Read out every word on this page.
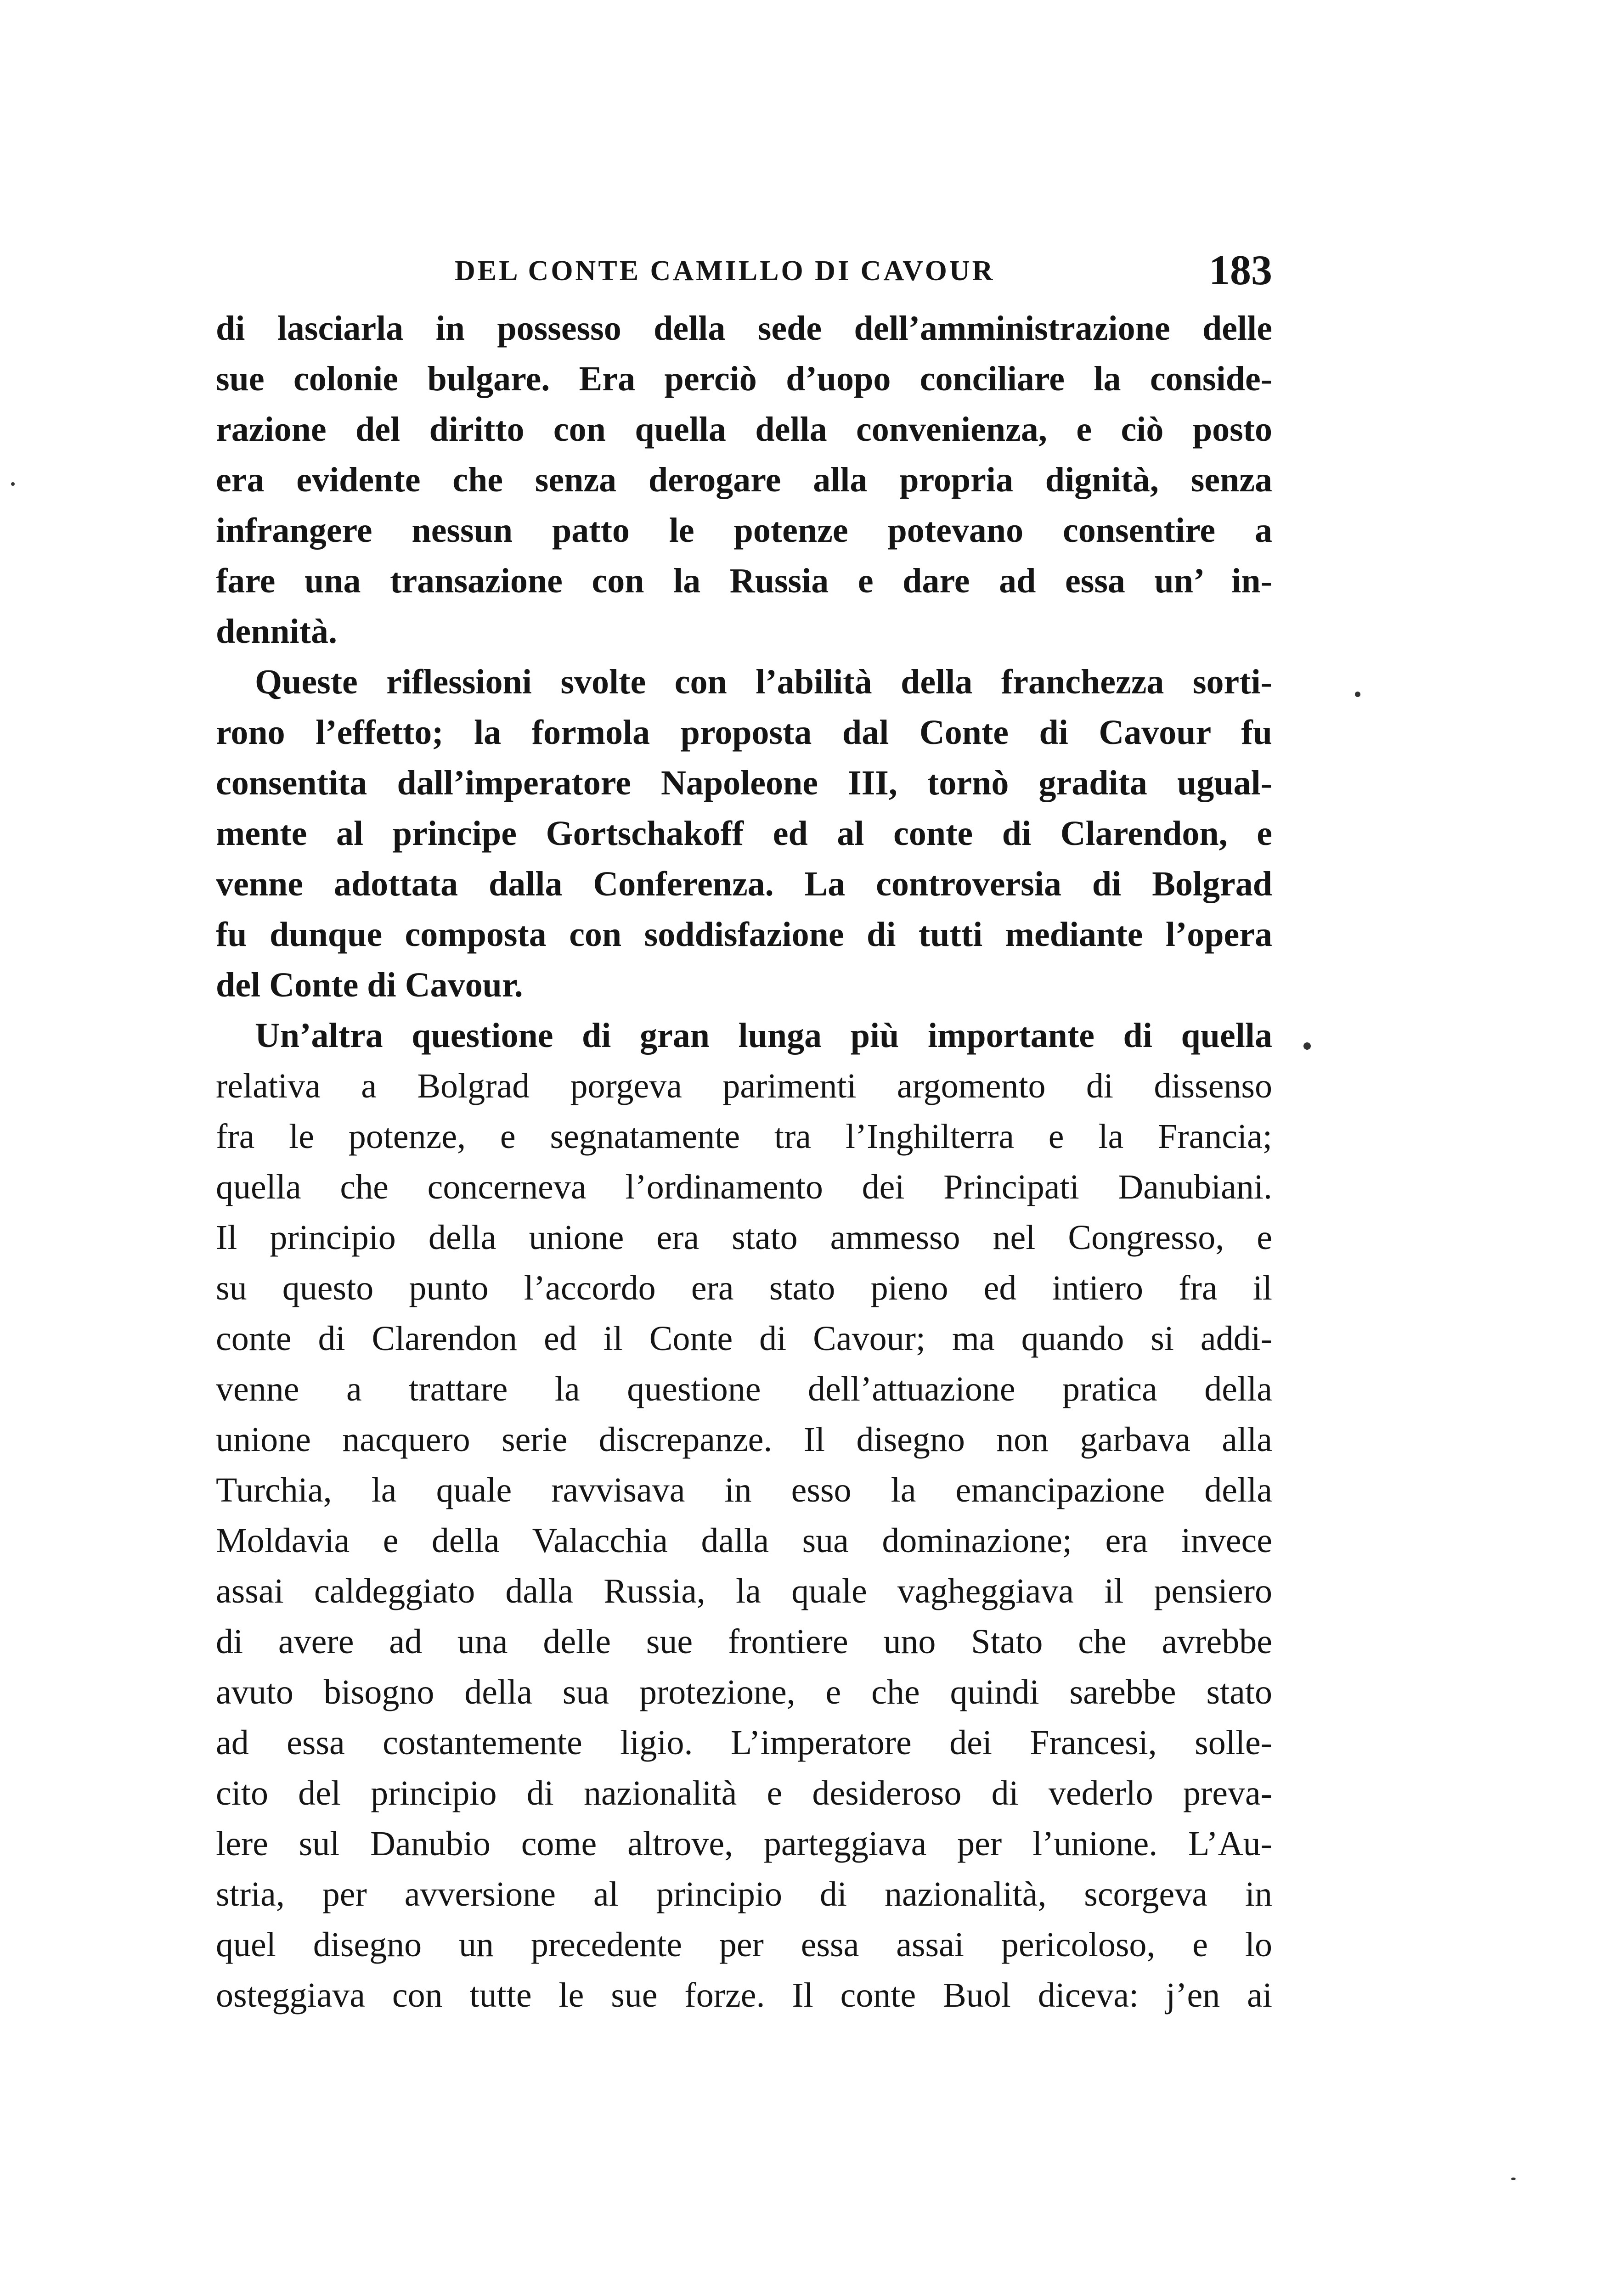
DEL CONTE CAMILLO DI CAVOUR	183
di lasciarla in possesso della sede dell’amministrazione delle
sue colonie bulgare. Era perciò d’uopo conciliare la conside-
razione del diritto con quella della convenienza, e ciò posto
era evidente che senza derogare alla propria dignità, senza
infrangere nessun patto le potenze potevano consentire a
fare una transazione con la Russia e dare ad essa un’ in-
dennità.
Queste riflessioni svolte con l’abilità della franchezza sorti-
rono l’effetto; la formola proposta dal Conte di Cavour fu
consentita dall’imperatore Napoleone III, tornò gradita ugual-
mente al principe Gortschakoff ed al conte di Clarendon, e
venne adottata dalla Conferenza. La controversia di Bolgrad
fu dunque composta con soddisfazione di tutti mediante l’opera
del Conte di Cavour.
Un’altra questione di gran lunga più importante di quella
relativa a Bolgrad porgeva parimenti argomento di dissenso
fra le potenze, e segnatamente tra l’Inghilterra e la Francia;
quella che concerneva l’ordinamento dei Principati Danubiani.
Il principio della unione era stato ammesso nel Congresso, e
su questo punto l’accordo era stato pieno ed intiero fra il
conte di Clarendon ed il Conte di Cavour; ma quando si addi-
venne a trattare la questione dell’attuazione pratica della
unione nacquero serie discrepanze. Il disegno non garbava alla
Turchia, la quale ravvisava in esso la emancipazione della
Moldavia e della Valacchia dalla sua dominazione; era invece
assai caldeggiato dalla Russia, la quale vagheggiava il pensiero
di avere ad una delle sue frontiere uno Stato che avrebbe
avuto bisogno della sua protezione, e che quindi sarebbe stato
ad essa costantemente ligio. L’imperatore dei Francesi, solle-
cito del principio di nazionalità e desideroso di vederlo preva-
lere sul Danubio come altrove, parteggiava per l’unione. L’Au-
stria, per avversione al principio di nazionalità, scorgeva in
quel disegno un precedente per essa assai pericoloso, e lo
osteggiava con tutte le sue forze. Il conte Buol diceva: j’en ai
